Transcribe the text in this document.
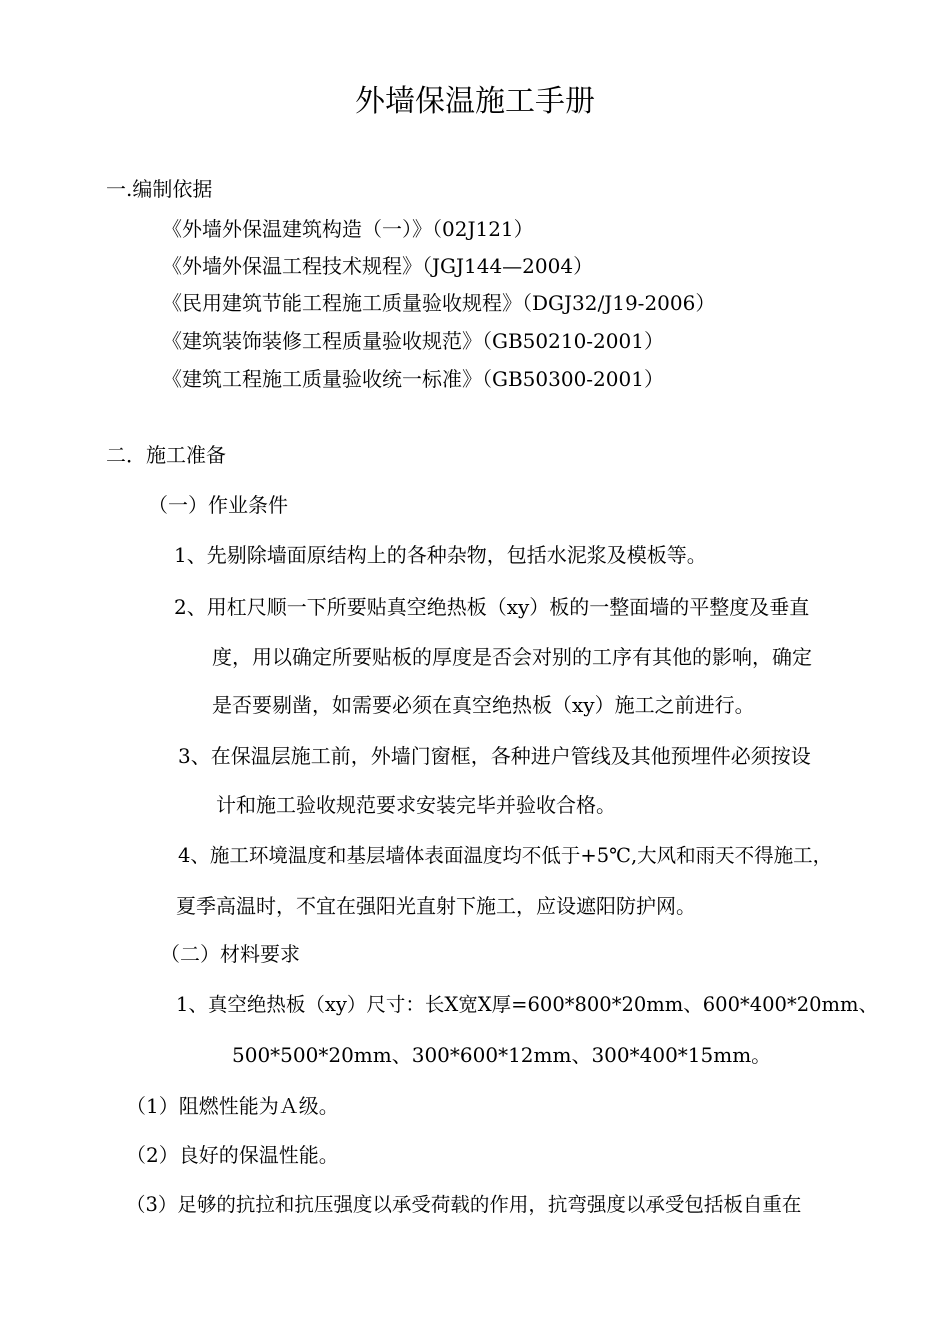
外墙保温施工手册
一.编制依据
《外墙外保温建筑构造（一）》（02J121）
《外墙外保温工程技术规程》（JGJ144—2004）
《民用建筑节能工程施工质量验收规程》（DGJ32/J19-2006）
《建筑装饰装修工程质量验收规范》（GB50210-2001）
《建筑工程施工质量验收统一标准》（GB50300-2001）
二．施工准备
（一）作业条件
1、先剔除墙面原结构上的各种杂物，包括水泥浆及模板等。
2、用杠尺顺一下所要贴真空绝热板（xy）板的一整面墙的平整度及垂直
度，用以确定所要贴板的厚度是否会对别的工序有其他的影响，确定
是否要剔凿，如需要必须在真空绝热板（xy）施工之前进行。
3、在保温层施工前，外墙门窗框，各种进户管线及其他预埋件必须按设
计和施工验收规范要求安装完毕并验收合格。
4、施工环境温度和基层墙体表面温度均不低于+5℃,大风和雨天不得施工，
夏季高温时，不宜在强阳光直射下施工，应设遮阳防护网。
（二）材料要求
1、真空绝热板（xy）尺寸：长Ⅹ宽Ⅹ厚=600*800*20mm、600*400*20mm、
500*500*20mm、300*600*12mm、300*400*15mm。
（1）阻燃性能为Ａ级。
（2）良好的保温性能。
（3）足够的抗拉和抗压强度以承受荷载的作用，抗弯强度以承受包括板自重在
